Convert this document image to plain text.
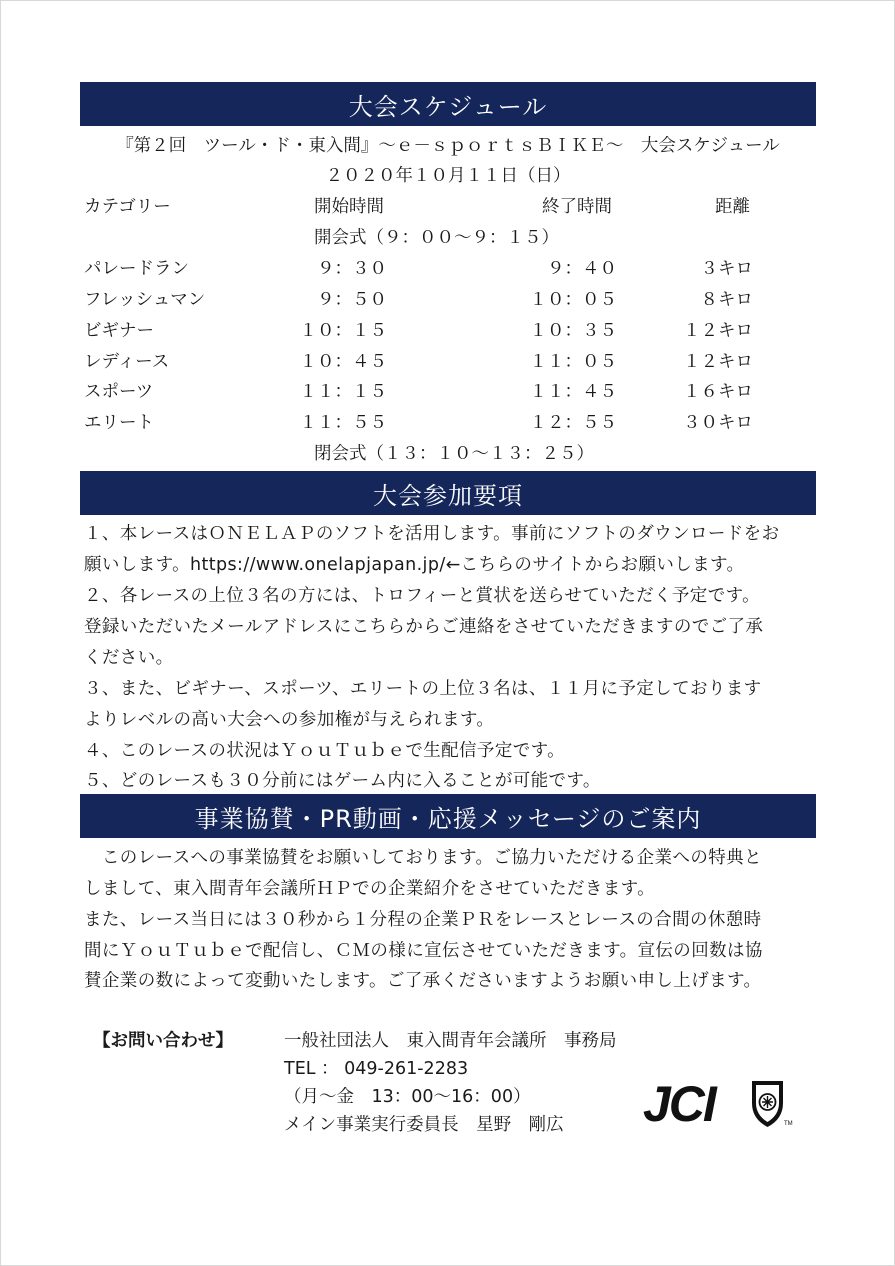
大会スケジュール
『第２回　ツール・ド・東入間』～ｅ－ｓｐｏｒｔｓＢＩＫＥ～　大会スケジュール
２０２０年１０月１１日（日）
カテゴリー	開始時間	終了時間	距離
開会式（９：００～９：１５）
パレードラン	９：３０	９：４０	３キロ
フレッシュマン	９：５０	１０：０５	８キロ
ビギナー	１０：１５	１０：３５	１２キロ
レディース	１０：４５	１１：０５	１２キロ
スポーツ	１１：１５	１１：４５	１６キロ
エリート	１１：５５	１２：５５	３０キロ
閉会式（１３：１０～１３：２５）
大会参加要項
１、本レースはＯＮＥＬＡＰのソフトを活用します。事前にソフトのダウンロードをお
願いします。https://www.onelapjapan.jp/←こちらのサイトからお願いします。
２、各レースの上位３名の方には、トロフィーと賞状を送らせていただく予定です。
登録いただいたメールアドレスにこちらからご連絡をさせていただきますのでご了承
ください。
３、また、ビギナー、スポーツ、エリートの上位３名は、１１月に予定しております
よりレベルの高い大会への参加権が与えられます。
４、このレースの状況はＹｏｕＴｕｂｅで生配信予定です。
５、どのレースも３０分前にはゲーム内に入ることが可能です。
事業協賛・PR動画・応援メッセージのご案内
　このレースへの事業協賛をお願いしております。ご協力いただける企業への特典と
しまして、東入間青年会議所ＨＰでの企業紹介をさせていただきます。
また、レース当日には３０秒から１分程の企業ＰＲをレースとレースの合間の休憩時
間にＹｏｕＴｕｂｅで配信し、ＣＭの様に宣伝させていただきます。宣伝の回数は協
賛企業の数によって変動いたします。ご了承くださいますようお願い申し上げます。
【お問い合わせ】	一般社団法人　東入間青年会議所　事務局
TEL ： 049-261-2283
（月～金　13：00～16：00）
メイン事業実行委員長　星野　剛広 JCI	TM
